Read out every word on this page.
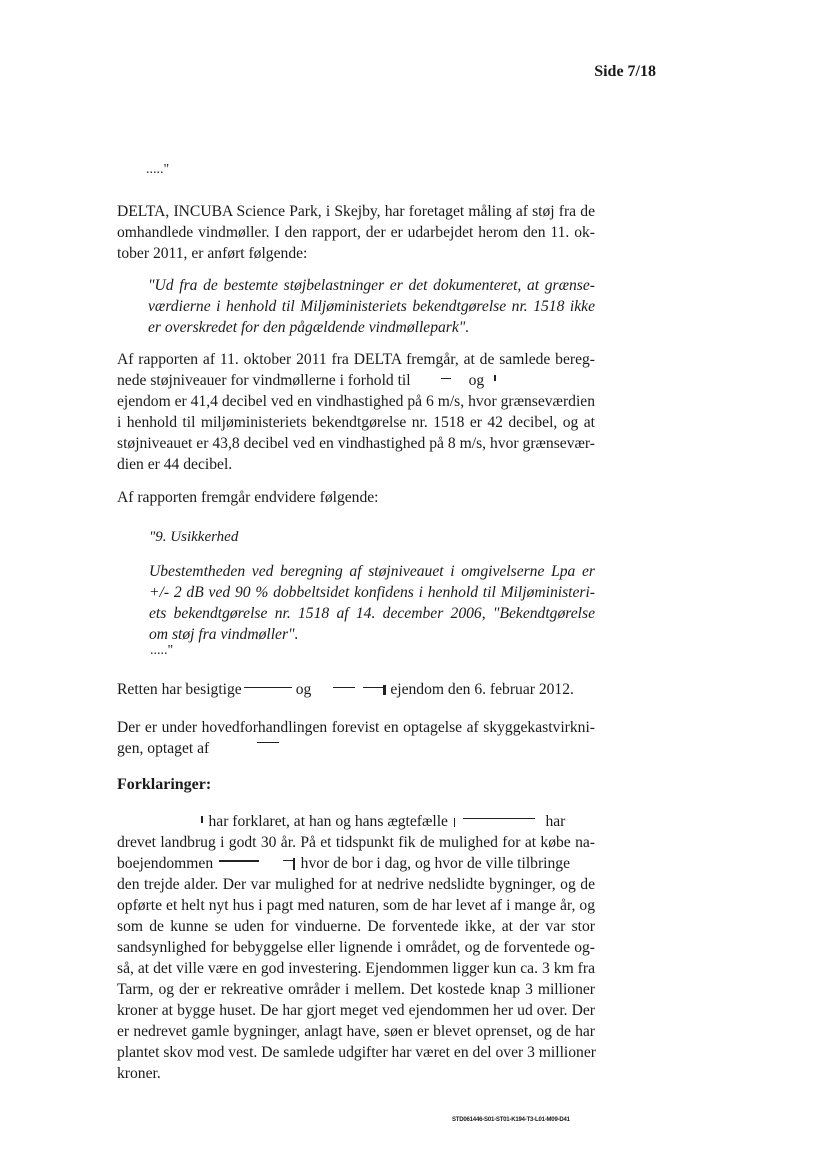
Side 7/18
....."
DELTA, INCUBA Science Park, i Skejby, har foretaget måling af støj fra de
omhandlede vindmøller. I den rapport, der er udarbejdet herom den 11. ok-
tober 2011, er anført følgende:
"Ud fra de bestemte støjbelastninger er det dokumenteret, at grænse-
værdierne i henhold til Miljøministeriets bekendtgørelse nr. 1518 ikke
er overskredet for den pågældende vindmøllepark".
Af rapporten af 11. oktober 2011 fra DELTA fremgår, at de samlede bereg-
nede støjniveauer for vindmøllerne i forhold til	og
ejendom er 41,4 decibel ved en vindhastighed på 6 m/s, hvor grænseværdien
i henhold til miljøministeriets bekendtgørelse nr. 1518 er 42 decibel, og at
støjniveauet er 43,8 decibel ved en vindhastighed på 8 m/s, hvor grænsevær-
dien er 44 decibel.
Af rapporten fremgår endvidere følgende:
"9. Usikkerhed
Ubestemtheden ved beregning af støjniveauet i omgivelserne Lpa er
+/- 2 dB ved 90 % dobbeltsidet konfidens i henhold til Miljøministeri-
ets bekendtgørelse nr. 1518 af 14. december 2006, "Bekendtgørelse
om støj fra vindmøller".
....."
Retten har besigtige	og	ejendom den 6. februar 2012.
Der er under hovedforhandlingen forevist en optagelse af skyggekastvirkni-
gen, optaget af
Forklaringer:
har forklaret, at han og hans ægtefælle	har
drevet landbrug i godt 30 år. På et tidspunkt fik de mulighed for at købe na-
boejendommen	hvor de bor i dag, og hvor de ville tilbringe
den trejde alder. Der var mulighed for at nedrive nedslidte bygninger, og de
opførte et helt nyt hus i pagt med naturen, som de har levet af i mange år, og
som de kunne se uden for vinduerne. De forventede ikke, at der var stor
sandsynlighed for bebyggelse eller lignende i området, og de forventede og-
så, at det ville være en god investering. Ejendommen ligger kun ca. 3 km fra
Tarm, og der er rekreative områder i mellem. Det kostede knap 3 millioner
kroner at bygge huset. De har gjort meget ved ejendommen her ud over. Der
er nedrevet gamle bygninger, anlagt have, søen er blevet oprenset, og de har
plantet skov mod vest. De samlede udgifter har været en del over 3 millioner
kroner.
STD061446-S01-ST01-K194-T3-L01-M09-D41
